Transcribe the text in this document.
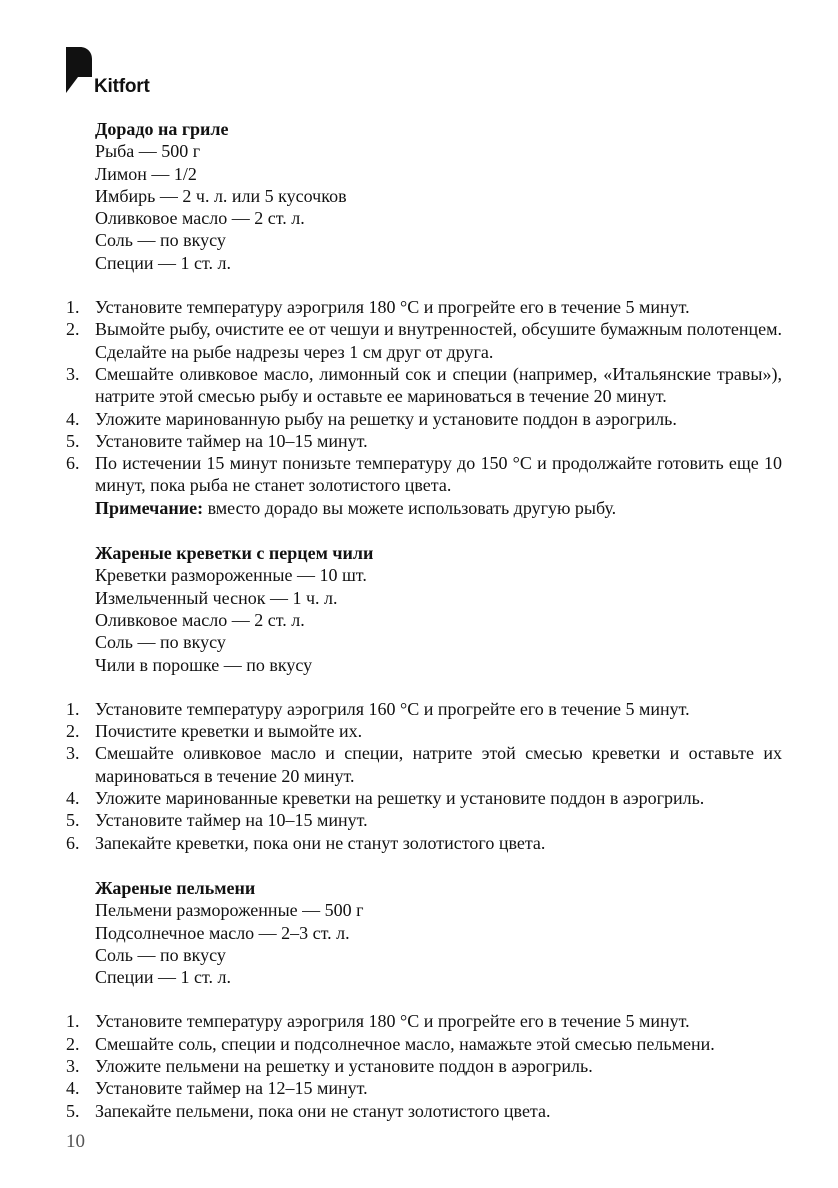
Kitfort
Дорадо на гриле
Рыба — 500 г
Лимон — 1/2
Имбирь — 2 ч. л. или 5 кусочков
Оливковое масло — 2 ст. л.
Соль — по вкусу
Специи — 1 ст. л.
1. Установите температуру аэрогриля 180 °С и прогрейте его в течение 5 минут.
2. Вымойте рыбу, очистите ее от чешуи и внутренностей, обсушите бумажным полотенцем. Сделайте на рыбе надрезы через 1 см друг от друга.
3. Смешайте оливковое масло, лимонный сок и специи (например, «Итальянские травы»), натрите этой смесью рыбу и оставьте ее мариноваться в течение 20 минут.
4. Уложите маринованную рыбу на решетку и установите поддон в аэрогриль.
5. Установите таймер на 10–15 минут.
6. По истечении 15 минут понизьте температуру до 150 °С и продолжайте готовить еще 10 минут, пока рыба не станет золотистого цвета.

Примечание: вместо дорадо вы можете использовать другую рыбу.

Жареные креветки с перцем чили
Креветки размороженные — 10 шт.
Измельченный чеснок — 1 ч. л.
Оливковое масло — 2 ст. л.
Соль — по вкусу
Чили в порошке — по вкусу
1. Установите температуру аэрогриля 160 °С и прогрейте его в течение 5 минут.
2. Почистите креветки и вымойте их.
3. Смешайте оливковое масло и специи, натрите этой смесью креветки и оставьте их мариноваться в течение 20 минут.
4. Уложите маринованные креветки на решетку и установите поддон в аэрогриль.
5. Установите таймер на 10–15 минут.
6. Запекайте креветки, пока они не станут золотистого цвета.
Жареные пельмени
Пельмени размороженные — 500 г
Подсолнечное масло — 2–3 ст. л.
Соль — по вкусу
Специи — 1 ст. л.
1. Установите температуру аэрогриля 180 °С и прогрейте его в течение 5 минут.
2. Смешайте соль, специи и подсолнечное масло, намажьте этой смесью пельмени.
3. Уложите пельмени на решетку и установите поддон в аэрогриль.
4. Установите таймер на 12–15 минут.
5. Запекайте пельмени, пока они не станут золотистого цвета.
10
